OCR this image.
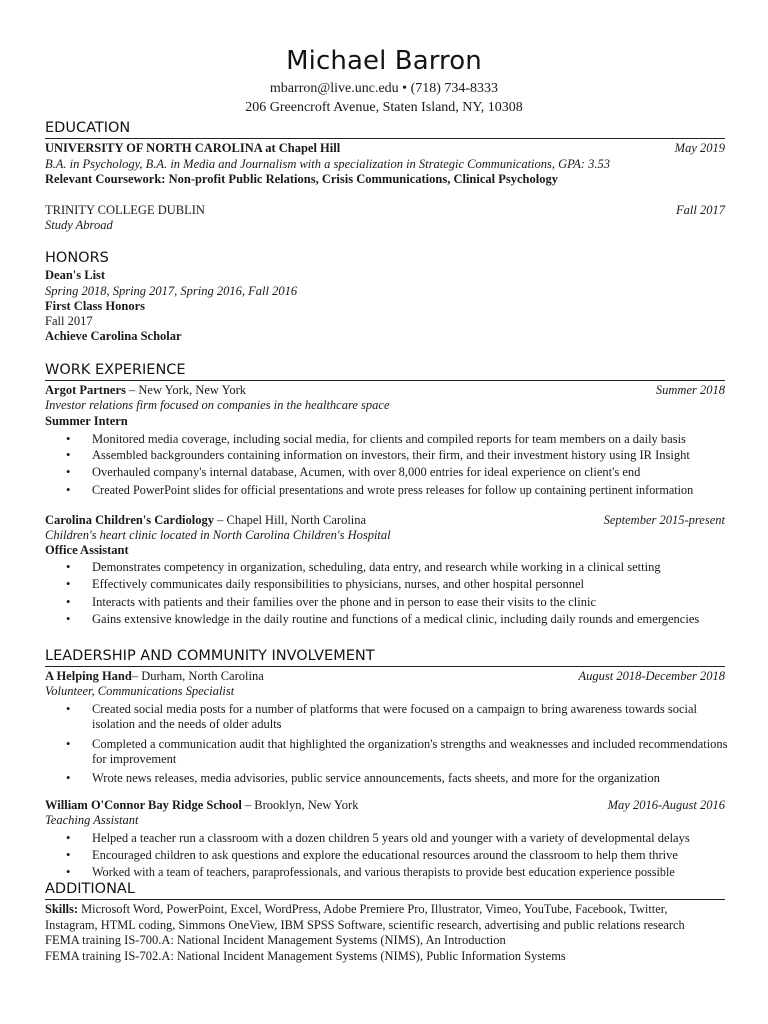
Michael Barron
mbarron@live.unc.edu • (718) 734-8333
206 Greencroft Avenue, Staten Island, NY, 10308
EDUCATION
UNIVERSITY OF NORTH CAROLINA at Chapel Hill	May 2019
B.A. in Psychology, B.A. in Media and Journalism with a specialization in Strategic Communications, GPA: 3.53
Relevant Coursework: Non-profit Public Relations, Crisis Communications, Clinical Psychology
TRINITY COLLEGE DUBLIN	Fall 2017
Study Abroad
HONORS
Dean's List
Spring 2018, Spring 2017, Spring 2016, Fall 2016
First Class Honors
Fall 2017
Achieve Carolina Scholar
WORK EXPERIENCE
Argot Partners – New York, New York	Summer 2018
Investor relations firm focused on companies in the healthcare space
Summer Intern
• Monitored media coverage, including social media, for clients and compiled reports for team members on a daily basis
• Assembled backgrounders containing information on investors, their firm, and their investment history using IR Insight
• Overhauled company's internal database, Acumen, with over 8,000 entries for ideal experience on client's end
• Created PowerPoint slides for official presentations and wrote press releases for follow up containing pertinent information
Carolina Children's Cardiology – Chapel Hill, North Carolina	September 2015-present
Children's heart clinic located in North Carolina Children's Hospital
Office Assistant
• Demonstrates competency in organization, scheduling, data entry, and research while working in a clinical setting
• Effectively communicates daily responsibilities to physicians, nurses, and other hospital personnel
• Interacts with patients and their families over the phone and in person to ease their visits to the clinic
• Gains extensive knowledge in the daily routine and functions of a medical clinic, including daily rounds and emergencies
LEADERSHIP AND COMMUNITY INVOLVEMENT
A Helping Hand– Durham, North Carolina	August 2018-December 2018
Volunteer, Communications Specialist
• Created social media posts for a number of platforms that were focused on a campaign to bring awareness towards social isolation and the needs of older adults
• Completed a communication audit that highlighted the organization's strengths and weaknesses and included recommendations for improvement
• Wrote news releases, media advisories, public service announcements, facts sheets, and more for the organization
William O'Connor Bay Ridge School – Brooklyn, New York	May 2016-August 2016
Teaching Assistant
• Helped a teacher run a classroom with a dozen children 5 years old and younger with a variety of developmental delays
• Encouraged children to ask questions and explore the educational resources around the classroom to help them thrive
• Worked with a team of teachers, paraprofessionals, and various therapists to provide best education experience possible
ADDITIONAL
Skills: Microsoft Word, PowerPoint, Excel, WordPress, Adobe Premiere Pro, Illustrator, Vimeo, YouTube, Facebook, Twitter,
Instagram, HTML coding, Simmons OneView, IBM SPSS Software, scientific research, advertising and public relations research
FEMA training IS-700.A: National Incident Management Systems (NIMS), An Introduction
FEMA training IS-702.A: National Incident Management Systems (NIMS), Public Information Systems
